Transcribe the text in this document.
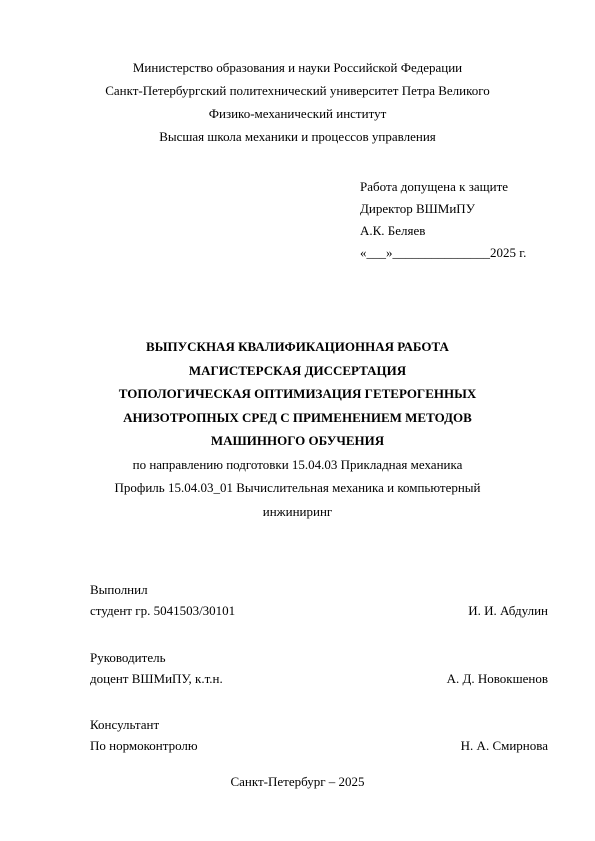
Министерство образования и науки Российской Федерации
Санкт-Петербургский политехнический университет Петра Великого
Физико-механический институт
Высшая школа механики и процессов управления
Работа допущена к защите
Директор ВШМиПУ
А.К. Беляев
«___»_______________2025 г.
ВЫПУСКНАЯ КВАЛИФИКАЦИОННАЯ РАБОТА
МАГИСТЕРСКАЯ ДИССЕРТАЦИЯ
ТОПОЛОГИЧЕСКАЯ ОПТИМИЗАЦИЯ ГЕТЕРОГЕННЫХ
АНИЗОТРОПНЫХ СРЕД С ПРИМЕНЕНИЕМ МЕТОДОВ
МАШИННОГО ОБУЧЕНИЯ
по направлению подготовки 15.04.03 Прикладная механика
Профиль 15.04.03_01 Вычислительная механика и компьютерный
инжиниринг
Выполнил
студент гр. 5041503/30101	И. И. Абдулин
Руководитель
доцент ВШМиПУ, к.т.н.	А. Д. Новокшенов
Консультант
По нормоконтролю	Н. А. Смирнова
Санкт-Петербург – 2025
